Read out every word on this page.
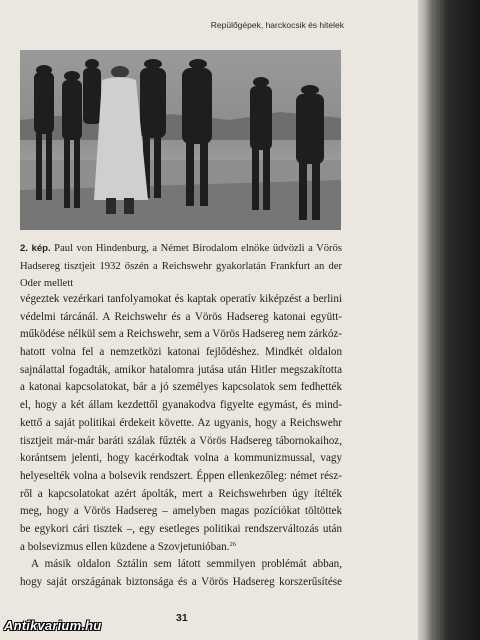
Repülőgépek, harckocsik és hitelek
2. kép. Paul von Hindenburg, a Német Birodalom elnöke üdvözli a Vörös Hadsereg tisztjeit 1932 őszén a Reichswehr gyakorlatán Frankfurt an der Oder mellett
végeztek vezérkari tanfolyamokat és kaptak operatív kiképzést a berlini
védelmi tárcánál. A Reichswehr és a Vörös Hadsereg katonai együtt-
működése nélkül sem a Reichswehr, sem a Vörös Hadsereg nem zárkóz-
hatott volna fel a nemzetközi katonai fejlődéshez. Mindkét oldalon
sajnálattal fogadták, amikor hatalomra jutása után Hitler megszakította
a katonai kapcsolatokat, bár a jó személyes kapcsolatok sem fedhették
el, hogy a két állam kezdettől gyanakodva figyelte egymást, és mind-
kettő a saját politikai érdekeit követte. Az ugyanis, hogy a Reichswehr
tisztjeit már-már baráti szálak fűzték a Vörös Hadsereg tábornokaihoz,
korántsem jelenti, hogy kacérkodtak volna a kommunizmussal, vagy
helyeselték volna a bolsevik rendszert. Éppen ellenkezőleg: német rész-
ről a kapcsolatokat azért ápolták, mert a Reichswehrben úgy ítélték
meg, hogy a Vörös Hadsereg – amelyben magas pozíciókat töltöttek
be egykori cári tisztek –, egy esetleges politikai rendszerváltozás után
a bolsevizmus ellen küzdene a Szovjetunióban.$^{26}$
A másik oldalon Sztálin sem látott semmilyen problémát abban,
hogy saját országának biztonsága és a Vörös Hadsereg korszerűsítése
31
Antikvarium.hu
